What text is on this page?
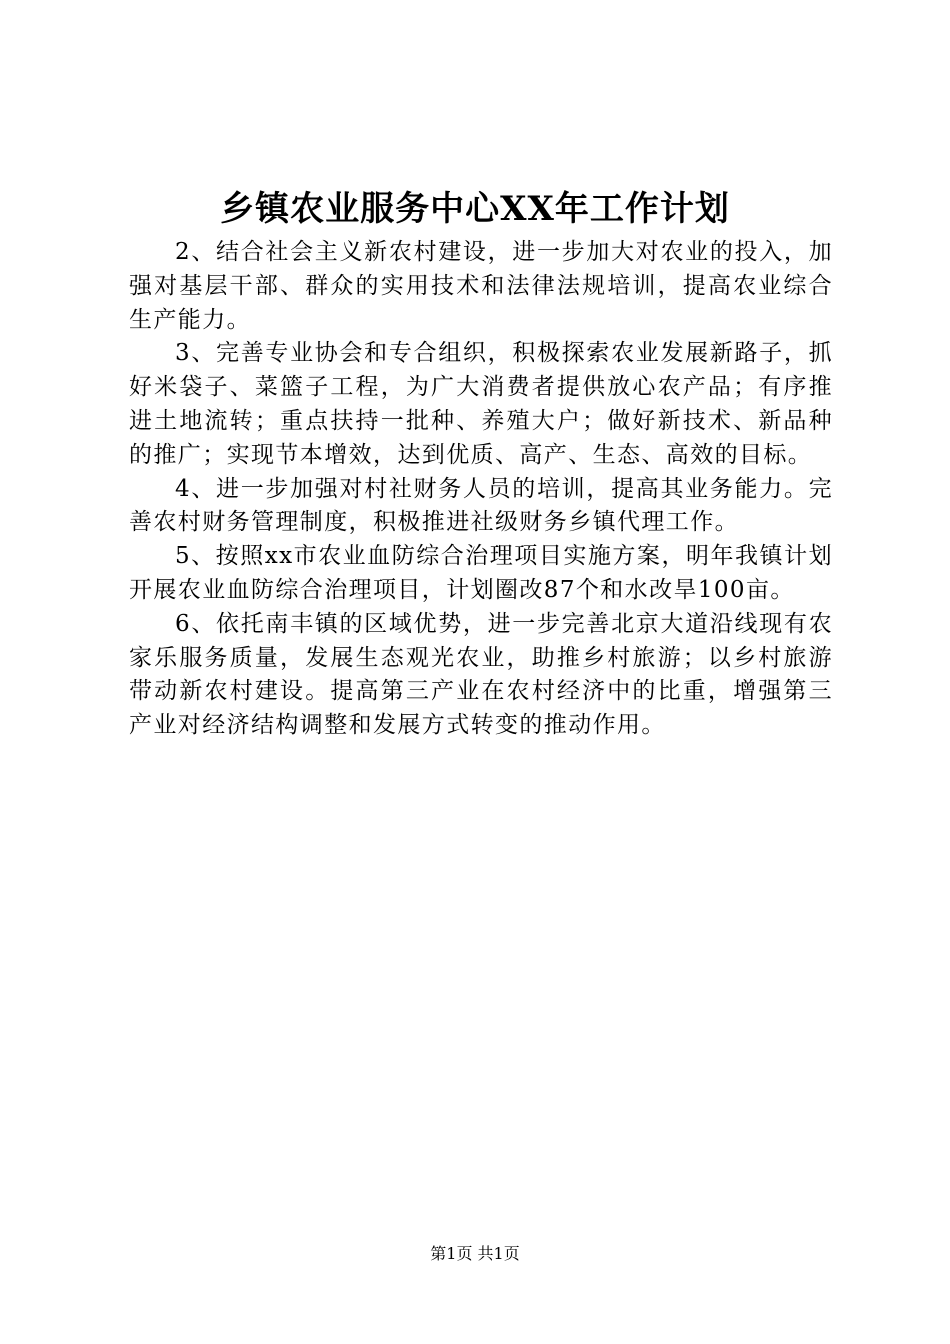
乡镇农业服务中心XX年工作计划

2、结合社会主义新农村建设，进一步加大对农业的投入，加强对基层干部、群众的实用技术和法律法规培训，提高农业综合生产能力。

3、完善专业协会和专合组织，积极探索农业发展新路子，抓好米袋子、菜篮子工程，为广大消费者提供放心农产品；有序推进土地流转；重点扶持一批种、养殖大户；做好新技术、新品种的推广；实现节本增效，达到优质、高产、生态、高效的目标。

4、进一步加强对村社财务人员的培训，提高其业务能力。完善农村财务管理制度，积极推进社级财务乡镇代理工作。

5、按照xx市农业血防综合治理项目实施方案，明年我镇计划开展农业血防综合治理项目，计划圈改87个和水改旱100亩。

6、依托南丰镇的区域优势，进一步完善北京大道沿线现有农家乐服务质量，发展生态观光农业，助推乡村旅游；以乡村旅游带动新农村建设。提高第三产业在农村经济中的比重，增强第三产业对经济结构调整和发展方式转变的推动作用。

第1页 共1页
